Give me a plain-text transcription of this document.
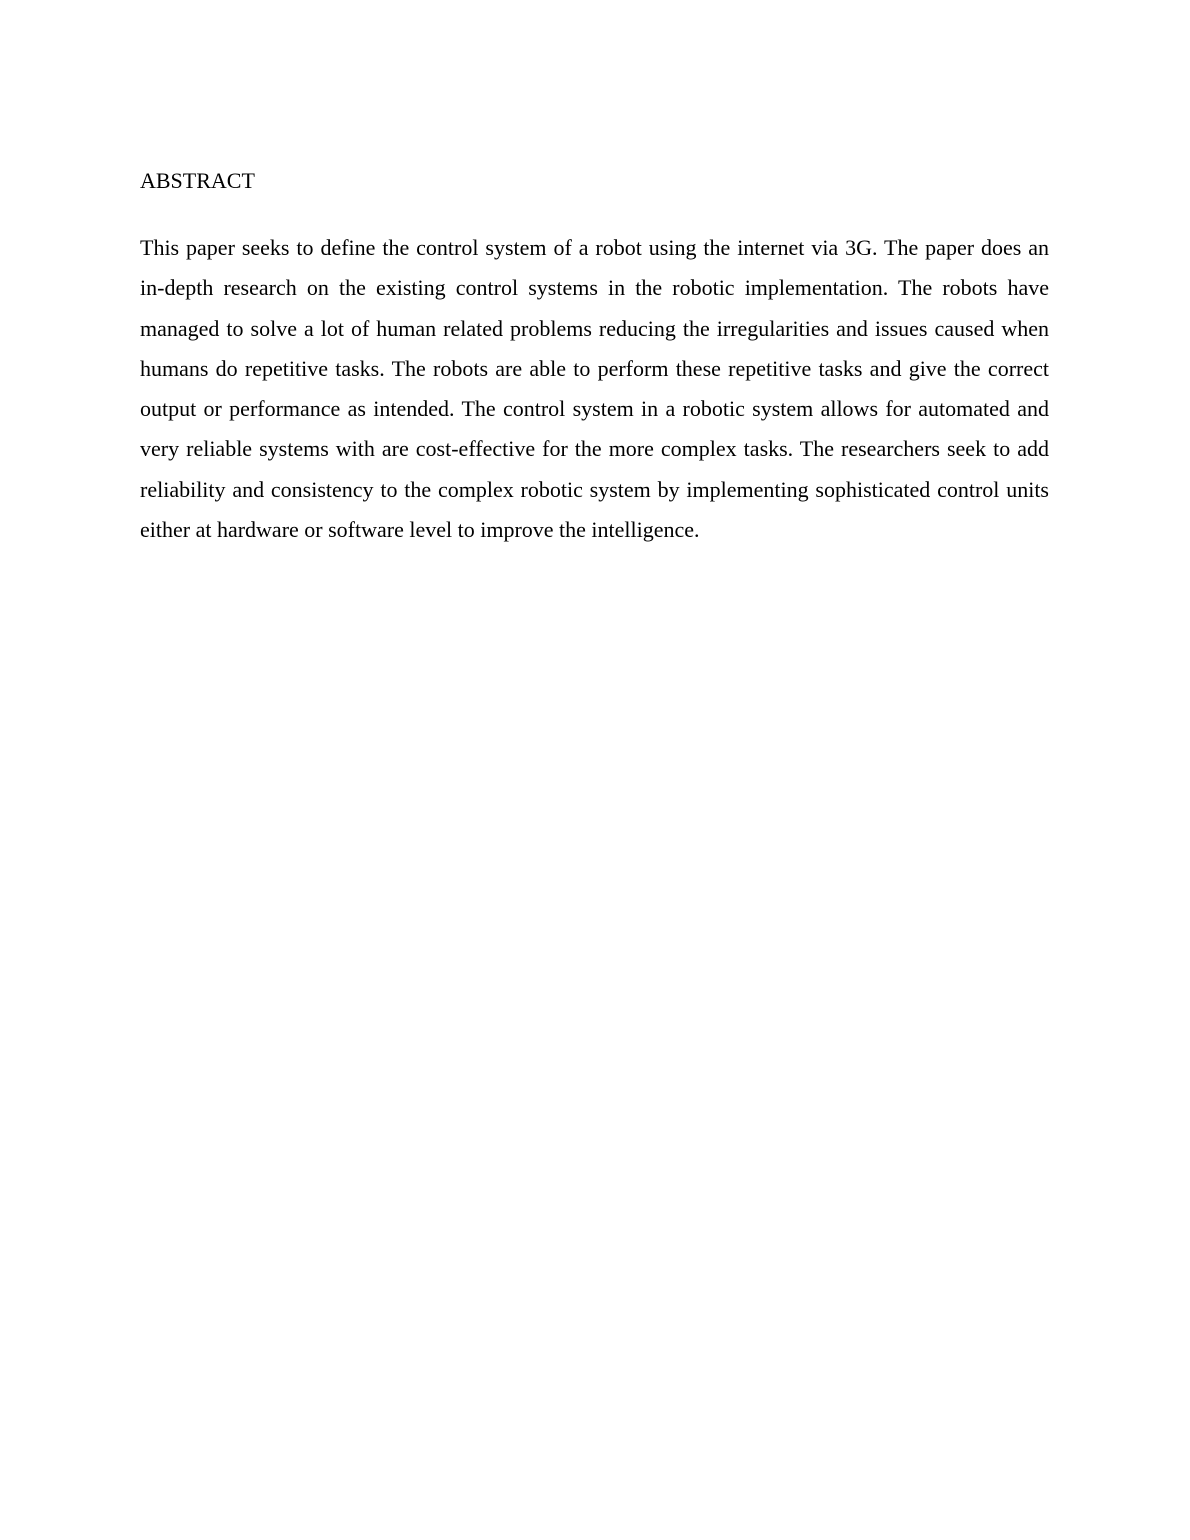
ABSTRACT

This paper seeks to define the control system of a robot using the internet via 3G. The paper does an in-depth research on the existing control systems in the robotic implementation. The robots have managed to solve a lot of human related problems reducing the irregularities and issues caused when humans do repetitive tasks. The robots are able to perform these repetitive tasks and give the correct output or performance as intended. The control system in a robotic system allows for automated and very reliable systems with are cost-effective for the more complex tasks. The researchers seek to add reliability and consistency to the complex robotic system by implementing sophisticated control units either at hardware or software level to improve the intelligence.
